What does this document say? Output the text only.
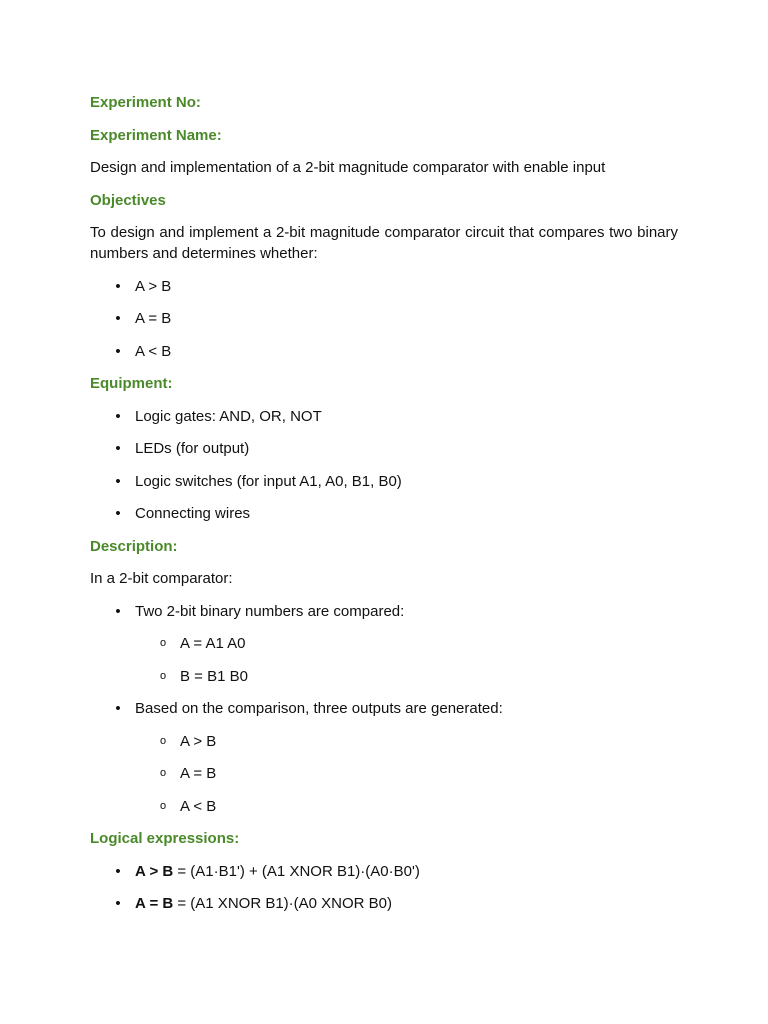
Experiment No:

Experiment Name:

Design and implementation of a 2-bit magnitude comparator with enable input

Objectives

To design and implement a 2-bit magnitude comparator circuit that compares two binary numbers and determines whether:

• A > B
• A = B
• A < B

Equipment:

• Logic gates: AND, OR, NOT
• LEDs (for output)
• Logic switches (for input A1, A0, B1, B0)
• Connecting wires

Description:

In a 2-bit comparator:

• Two 2-bit binary numbers are compared:
o A = A1 A0
o B = B1 B0
• Based on the comparison, three outputs are generated:
o A > B
o A = B
o A < B

Logical expressions:

• A > B = (A1·B1') + (A1 XNOR B1)·(A0·B0')
• A = B = (A1 XNOR B1)·(A0 XNOR B0)
